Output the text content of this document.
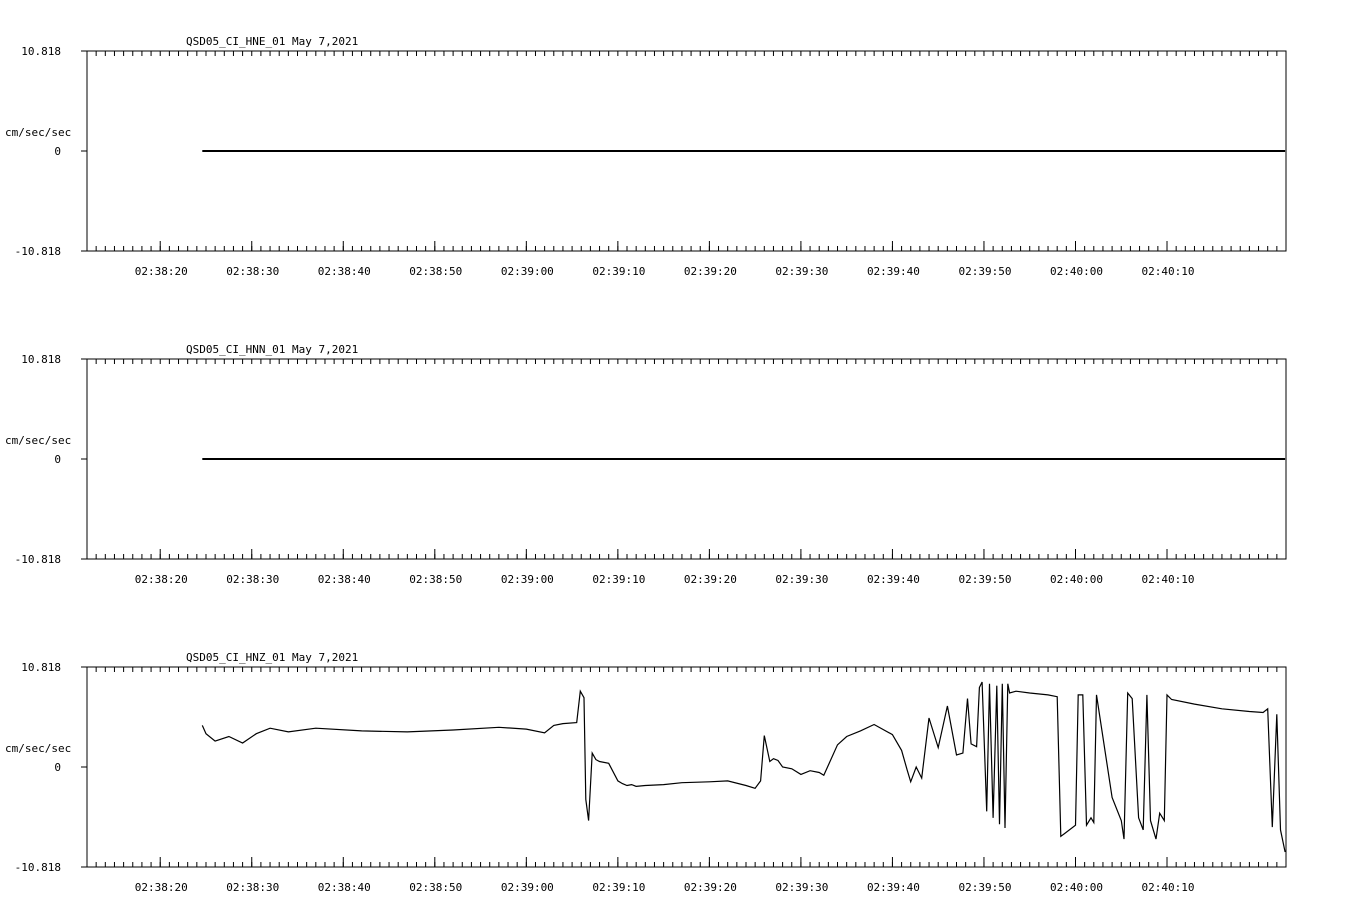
QSD05_CI_HNE_01 May 7,2021
10.818
0
-10.818
cm/sec/sec
02:38:20	02:38:30	02:38:40	02:38:50	02:39:00	02:39:10	02:39:20	02:39:30	02:39:40	02:39:50	02:40:00	02:40:10
QSD05_CI_HNN_01 May 7,2021
10.818
0
-10.818
cm/sec/sec
02:38:20	02:38:30	02:38:40	02:38:50	02:39:00	02:39:10	02:39:20	02:39:30	02:39:40	02:39:50	02:40:00	02:40:10
QSD05_CI_HNZ_01 May 7,2021
10.818
0
-10.818
cm/sec/sec
02:38:20	02:38:30	02:38:40	02:38:50	02:39:00	02:39:10	02:39:20	02:39:30	02:39:40	02:39:50	02:40:00	02:40:10
